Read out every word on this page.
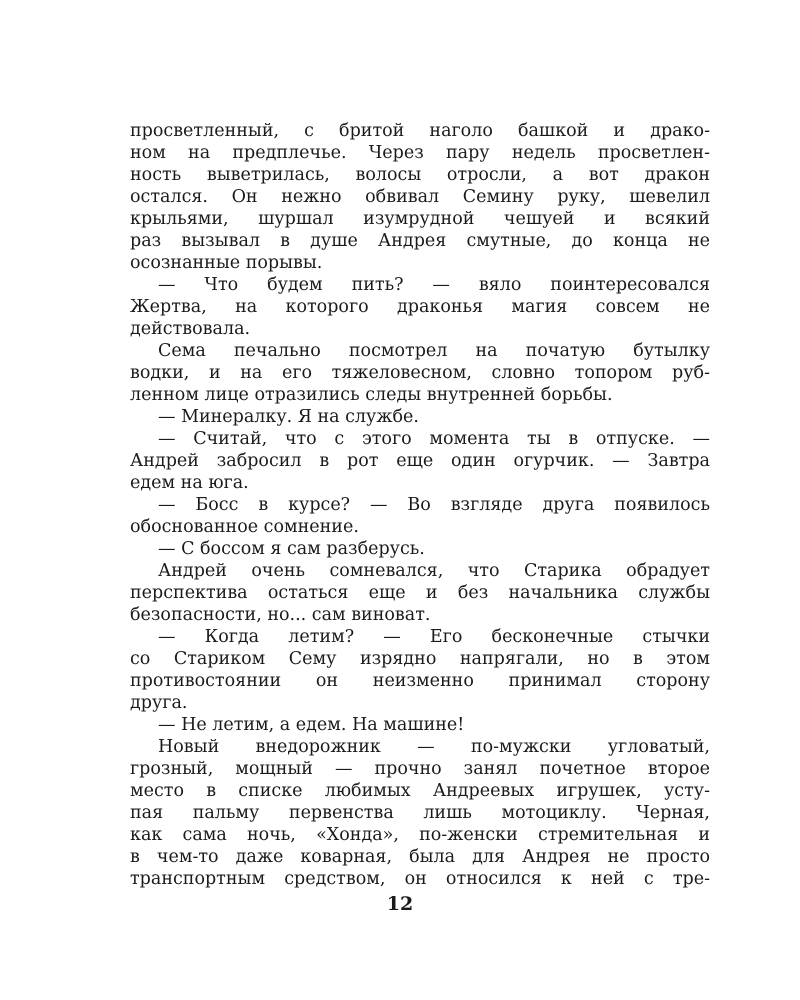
просветленный, с бритой наголо башкой и драко-
ном на предплечье. Через пару недель просветлен-
ность выветрилась, волосы отросли, а вот дракон
остался. Он нежно обвивал Семину руку, шевелил
крыльями, шуршал изумрудной чешуей и всякий
раз вызывал в душе Андрея смутные, до конца не
осознанные порывы.
— Что будем пить? — вяло поинтересовался
Жертва, на которого драконья магия совсем не
действовала.
Сема печально посмотрел на початую бутылку
водки, и на его тяжеловесном, словно топором руб-
ленном лице отразились следы внутренней борьбы.
— Минералку. Я на службе.
— Считай, что с этого момента ты в отпуске. —
Андрей забросил в рот еще один огурчик. — Завтра
едем на юга.
— Босс в курсе? — Во взгляде друга появилось
обоснованное сомнение.
— С боссом я сам разберусь.
Андрей очень сомневался, что Старика обрадует
перспектива остаться еще и без начальника службы
безопасности, но... сам виноват.
— Когда летим? — Его бесконечные стычки
со Стариком Сему изрядно напрягали, но в этом
противостоянии он неизменно принимал сторону
друга.
— Не летим, а едем. На машине!
Новый внедорожник — по-мужски угловатый,
грозный, мощный — прочно занял почетное второе
место в списке любимых Андреевых игрушек, усту-
пая пальму первенства лишь мотоциклу. Черная,
как сама ночь, «Хонда», по-женски стремительная и
в чем-то даже коварная, была для Андрея не просто
транспортным средством, он относился к ней с тре-
12
